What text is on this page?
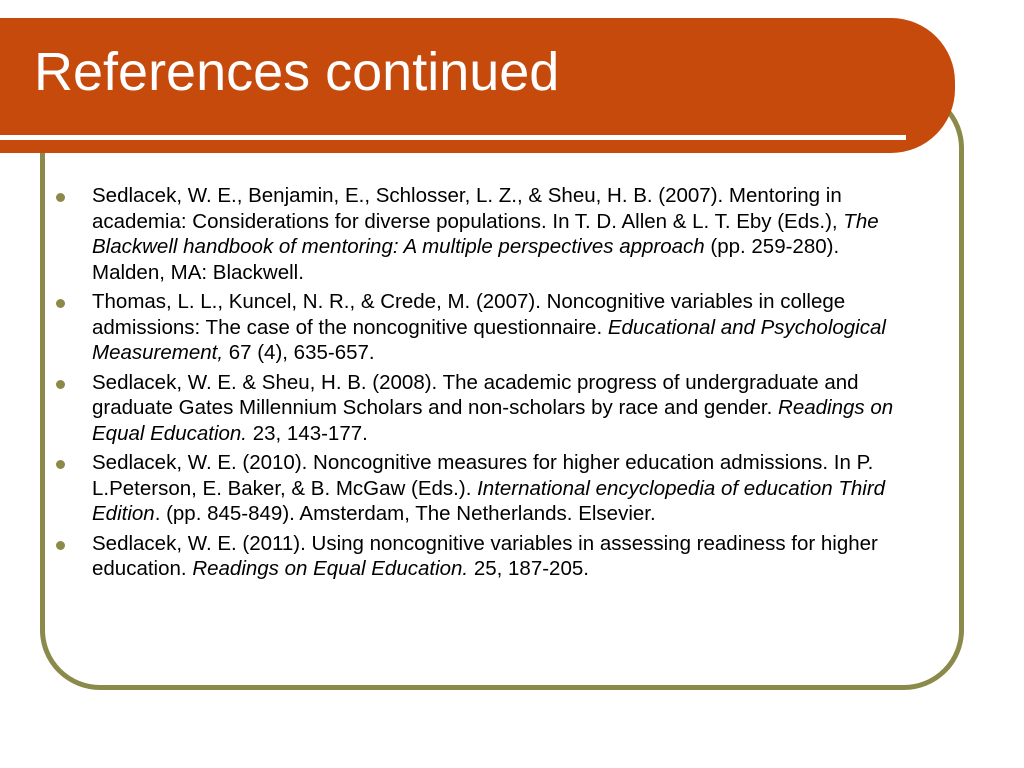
References continued
Sedlacek, W. E., Benjamin, E., Schlosser, L. Z., & Sheu, H. B. (2007). Mentoring in academia: Considerations for diverse populations. In T. D. Allen & L. T. Eby (Eds.), The Blackwell handbook of mentoring: A multiple perspectives approach (pp. 259-280). Malden, MA: Blackwell.
Thomas, L. L., Kuncel, N. R., & Crede, M. (2007). Noncognitive variables in college admissions: The case of the noncognitive questionnaire. Educational and Psychological Measurement, 67 (4), 635-657.
Sedlacek, W. E. & Sheu, H. B. (2008). The academic progress of undergraduate and graduate Gates Millennium Scholars and non-scholars by race and gender. Readings on Equal Education. 23, 143-177.
Sedlacek, W. E. (2010). Noncognitive measures for higher education admissions. In P. L.Peterson, E. Baker, & B. McGaw (Eds.). International encyclopedia of education Third Edition. (pp. 845-849). Amsterdam, The Netherlands. Elsevier.
Sedlacek, W. E. (2011). Using noncognitive variables in assessing readiness for higher education. Readings on Equal Education. 25, 187-205.
